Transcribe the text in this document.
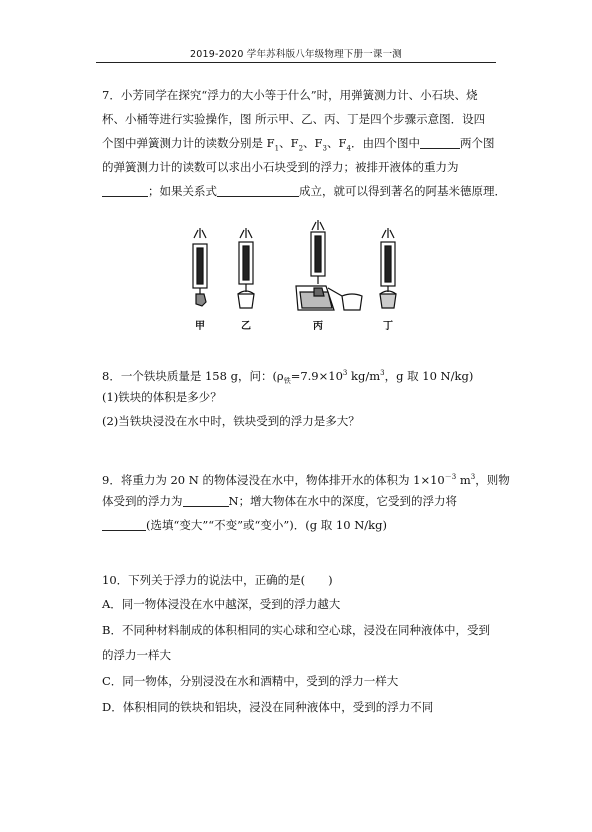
2019-2020 学年苏科版八年级物理下册一课一测
7．小芳同学在探究“浮力的大小等于什么”时，用弹簧测力计、小石块、烧
杯、小桶等进行实验操作，图 所示甲、乙、丙、丁是四个步骤示意图．设四
个图中弹簧测力计的读数分别是 $F_1$、$F_2$、$F_3$、$F_4$．由四个图中	两个图
的弹簧测力计的读数可以求出小石块受到的浮力；被排开液体的重力为
；如果关系式	成立，就可以得到著名的阿基米德原理．
甲	乙	丙	丁
8．一个铁块质量是 158 g，问：($\rho_铁=7.9\times 10^3$ $kg/m^3$，g 取 10 N/kg)
(1)铁块的体积是多少？
(2)当铁块浸没在水中时，铁块受到的浮力是多大？
9．将重力为 20 N 的物体浸没在水中，物体排开水的体积为 $1\times 10^{-3}$ $m^3$，则物
体受到的浮力为	N；增大物体在水中的深度，它受到的浮力将
(选填“变大”“不变”或“变小”)．(g 取 10 N/kg)
10．下列关于浮力的说法中，正确的是(　　)
A．同一物体浸没在水中越深，受到的浮力越大
B．不同种材料制成的体积相同的实心球和空心球，浸没在同种液体中，受到
的浮力一样大
C．同一物体，分别浸没在水和酒精中，受到的浮力一样大
D．体积相同的铁块和铝块，浸没在同种液体中，受到的浮力不同
